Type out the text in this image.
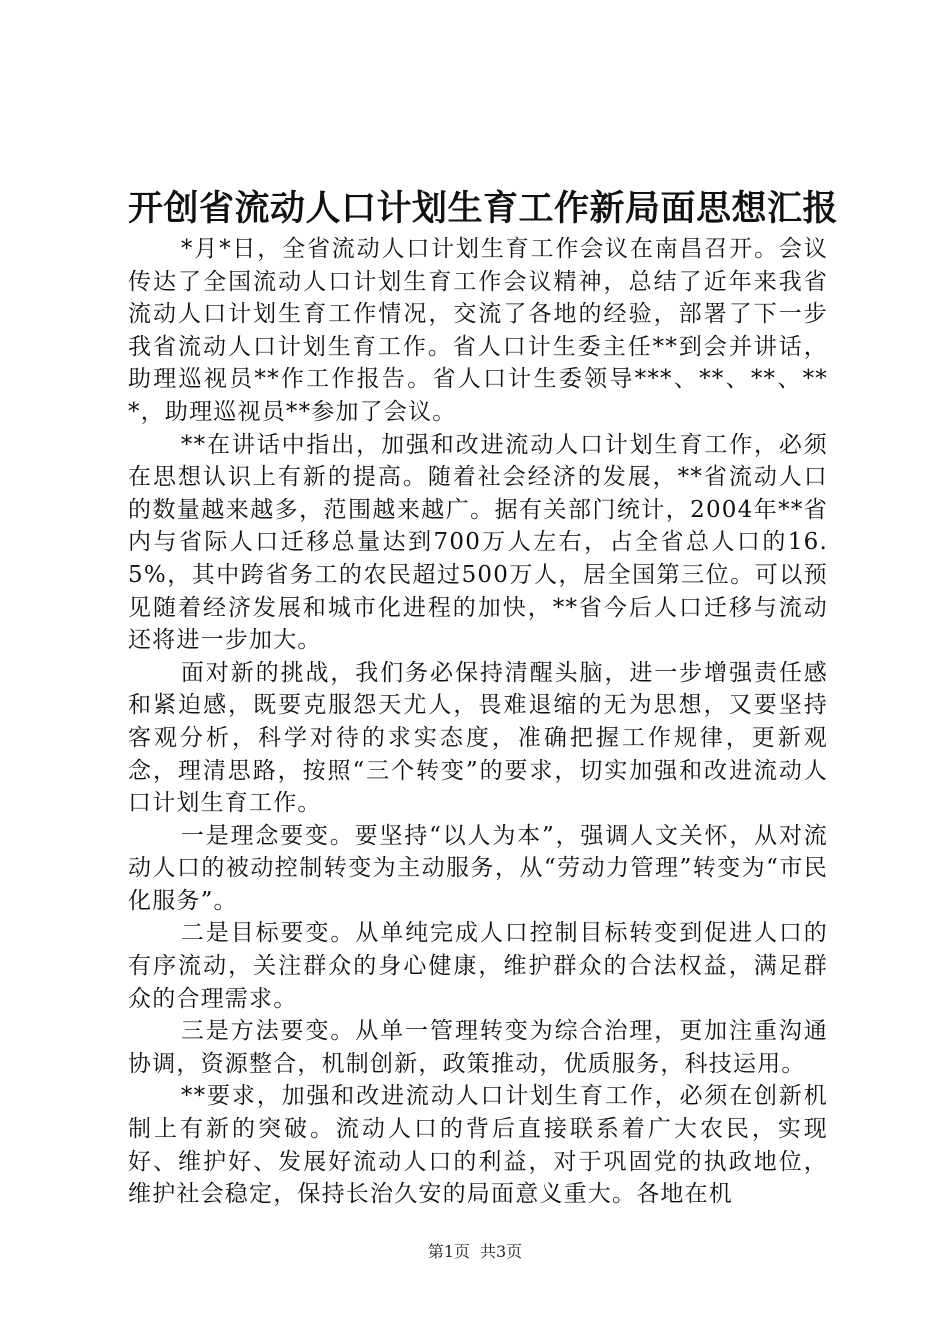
开创省流动人口计划生育工作新局面思想汇报

*月*日，全省流动人口计划生育工作会议在南昌召开。会议传达了全国流动人口计划生育工作会议精神，总结了近年来我省流动人口计划生育工作情况，交流了各地的经验，部署了下一步我省流动人口计划生育工作。省人口计生委主任**到会并讲话，助理巡视员**作工作报告。省人口计生委领导***、**、**、***，助理巡视员**参加了会议。

**在讲话中指出，加强和改进流动人口计划生育工作，必须在思想认识上有新的提高。随着社会经济的发展，**省流动人口的数量越来越多，范围越来越广。据有关部门统计，2004年**省内与省际人口迁移总量达到700万人左右，占全省总人口的16.5%，其中跨省务工的农民超过500万人，居全国第三位。可以预见随着经济发展和城市化进程的加快，**省今后人口迁移与流动还将进一步加大。

面对新的挑战，我们务必保持清醒头脑，进一步增强责任感和紧迫感，既要克服怨天尤人，畏难退缩的无为思想，又要坚持客观分析，科学对待的求实态度，准确把握工作规律，更新观念，理清思路，按照“三个转变”的要求，切实加强和改进流动人口计划生育工作。

一是理念要变。要坚持“以人为本”，强调人文关怀，从对流动人口的被动控制转变为主动服务，从“劳动力管理”转变为“市民化服务”。

二是目标要变。从单纯完成人口控制目标转变到促进人口的有序流动，关注群众的身心健康，维护群众的合法权益，满足群众的合理需求。

三是方法要变。从单一管理转变为综合治理，更加注重沟通协调，资源整合，机制创新，政策推动，优质服务，科技运用。

**要求，加强和改进流动人口计划生育工作，必须在创新机制上有新的突破。流动人口的背后直接联系着广大农民，实现好、维护好、发展好流动人口的利益，对于巩固党的执政地位，维护社会稳定，保持长治久安的局面意义重大。各地在机

第1页 共3页
